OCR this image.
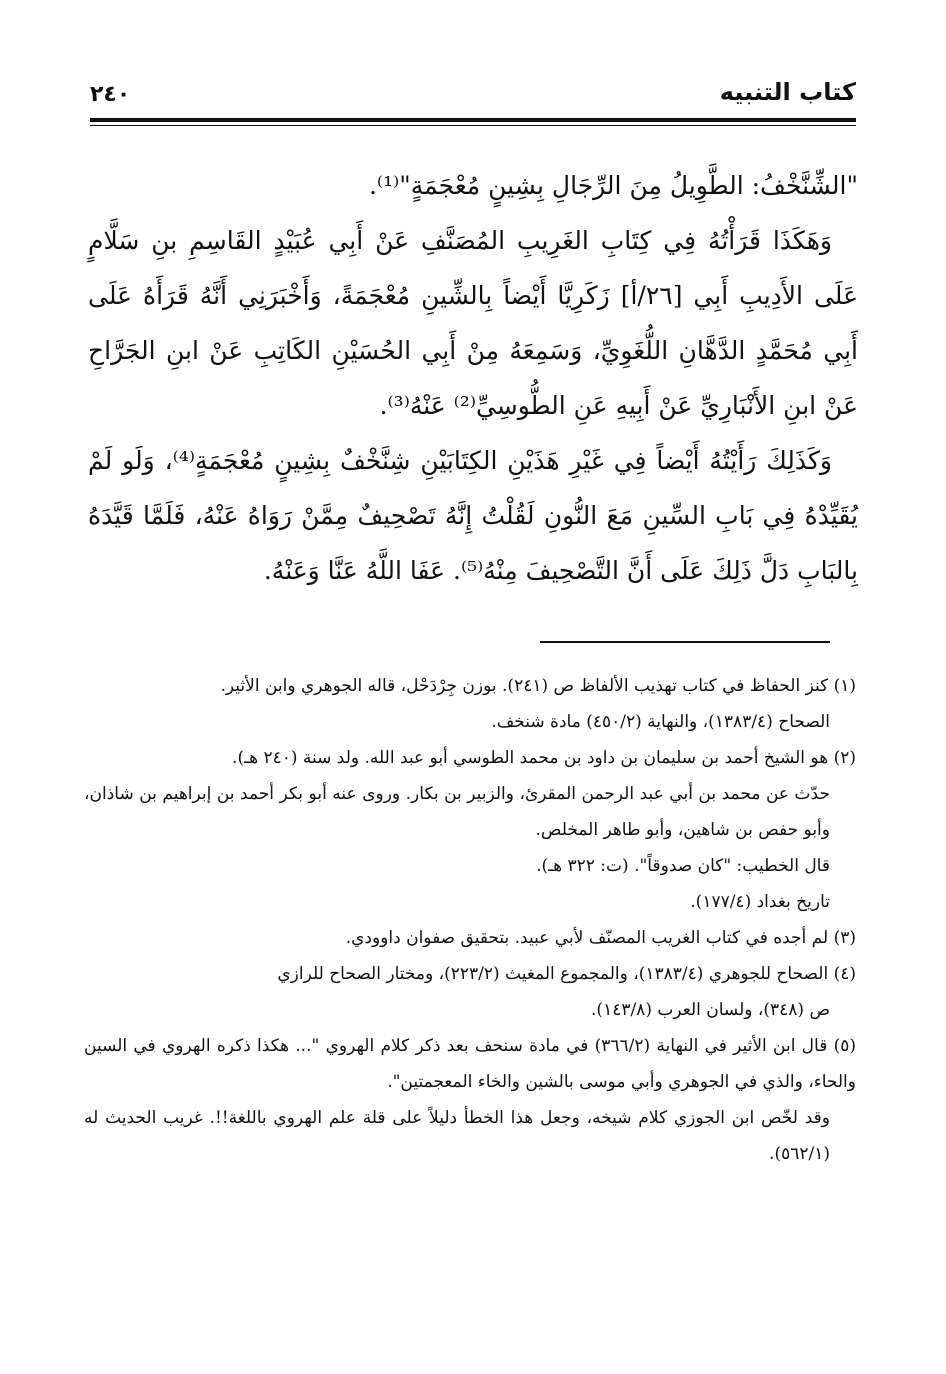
كتاب التنبيه
٢٤٠

"الشِّنَّخْفُ: الطَّوِيلُ مِنَ الرِّجَالِ بِشِينٍ مُعْجَمَةٍ"⁽¹⁾.

وَهَكَذَا قَرَأْتُهُ فِي كِتَابِ الغَرِيبِ المُصَنَّفِ عَنْ أَبِي عُبَيْدٍ القَاسِمِ بنِ سَلَّامٍ عَلَى الأَدِيبِ أَبِي [٢٦/أ] زَكَرِيَّا أَيْضاً بِالشِّينِ مُعْجَمَةً، وَأَخْبَرَنِي أَنَّهُ قَرَأَهُ عَلَى أَبِي مُحَمَّدٍ الدَّهَّانِ اللُّغَوِيِّ، وَسَمِعَهُ مِنْ أَبِي الحُسَيْنِ الكَاتِبِ عَنْ ابنِ الجَرَّاحِ عَنْ ابنِ الأَنْبَارِيِّ عَنْ أَبِيهِ عَنِ الطُّوسِيِّ⁽²⁾ عَنْهُ⁽³⁾.

وَكَذَلِكَ رَأَيْتُهُ أَيْضاً فِي غَيْرِ هَذَيْنِ الكِتَابَيْنِ شِنَّخْفٌ بِشِينٍ مُعْجَمَةٍ⁽⁴⁾، وَلَو لَمْ يُقَيِّدْهُ فِي بَابِ السِّينِ مَعَ النُّونِ لَقُلْتُ إِنَّهُ تَصْحِيفٌ مِمَّنْ رَوَاهُ عَنْهُ، فَلَمَّا قَيَّدَهُ بِالبَابِ دَلَّ ذَلِكَ عَلَى أَنَّ التَّصْحِيفَ مِنْهُ⁽⁵⁾. عَفَا اللَّهُ عَنَّا وَعَنْهُ.

(١) كنز الحفاظ في كتاب تهذيب الألفاظ ص (٢٤١). بوزن جِرْدَحْل، قاله الجوهري وابن الأثير.

الصحاح (١٣٨٣/٤)، والنهاية (٤٥٠/٢) مادة شنخف.

(٢) هو الشيخ أحمد بن سليمان بن داود بن محمد الطوسي أبو عبد الله. ولد سنة (٢٤٠ هـ).

حدّث عن محمد بن أبي عبد الرحمن المقرئ، والزبير بن بكار. وروى عنه أبو بكر أحمد بن إبراهيم بن شاذان، وأبو حفص بن شاهين، وأبو طاهر المخلص.

قال الخطيب: "كان صدوقاً". (ت: ٣٢٢ هـ).

تاريخ بغداد (١٧٧/٤).

(٣) لم أجده في كتاب الغريب المصنّف لأبي عبيد. بتحقيق صفوان داوودي.

(٤) الصحاح للجوهري (١٣٨٣/٤)، والمجموع المغيث (٢٢٣/٢)، ومختار الصحاح للرازي

ص (٣٤٨)، ولسان العرب (١٤٣/٨).

(٥) قال ابن الأثير في النهاية (٣٦٦/٢) في مادة سنحف بعد ذكر كلام الهروي "... هكذا ذكره الهروي في السين والحاء، والذي في الجوهري وأبي موسى بالشين والخاء المعجمتين".

وقد لخّص ابن الجوزي كلام شيخه، وجعل هذا الخطأ دليلاً على قلة علم الهروي باللغة!!. غريب الحديث له (٥٦٢/١).
